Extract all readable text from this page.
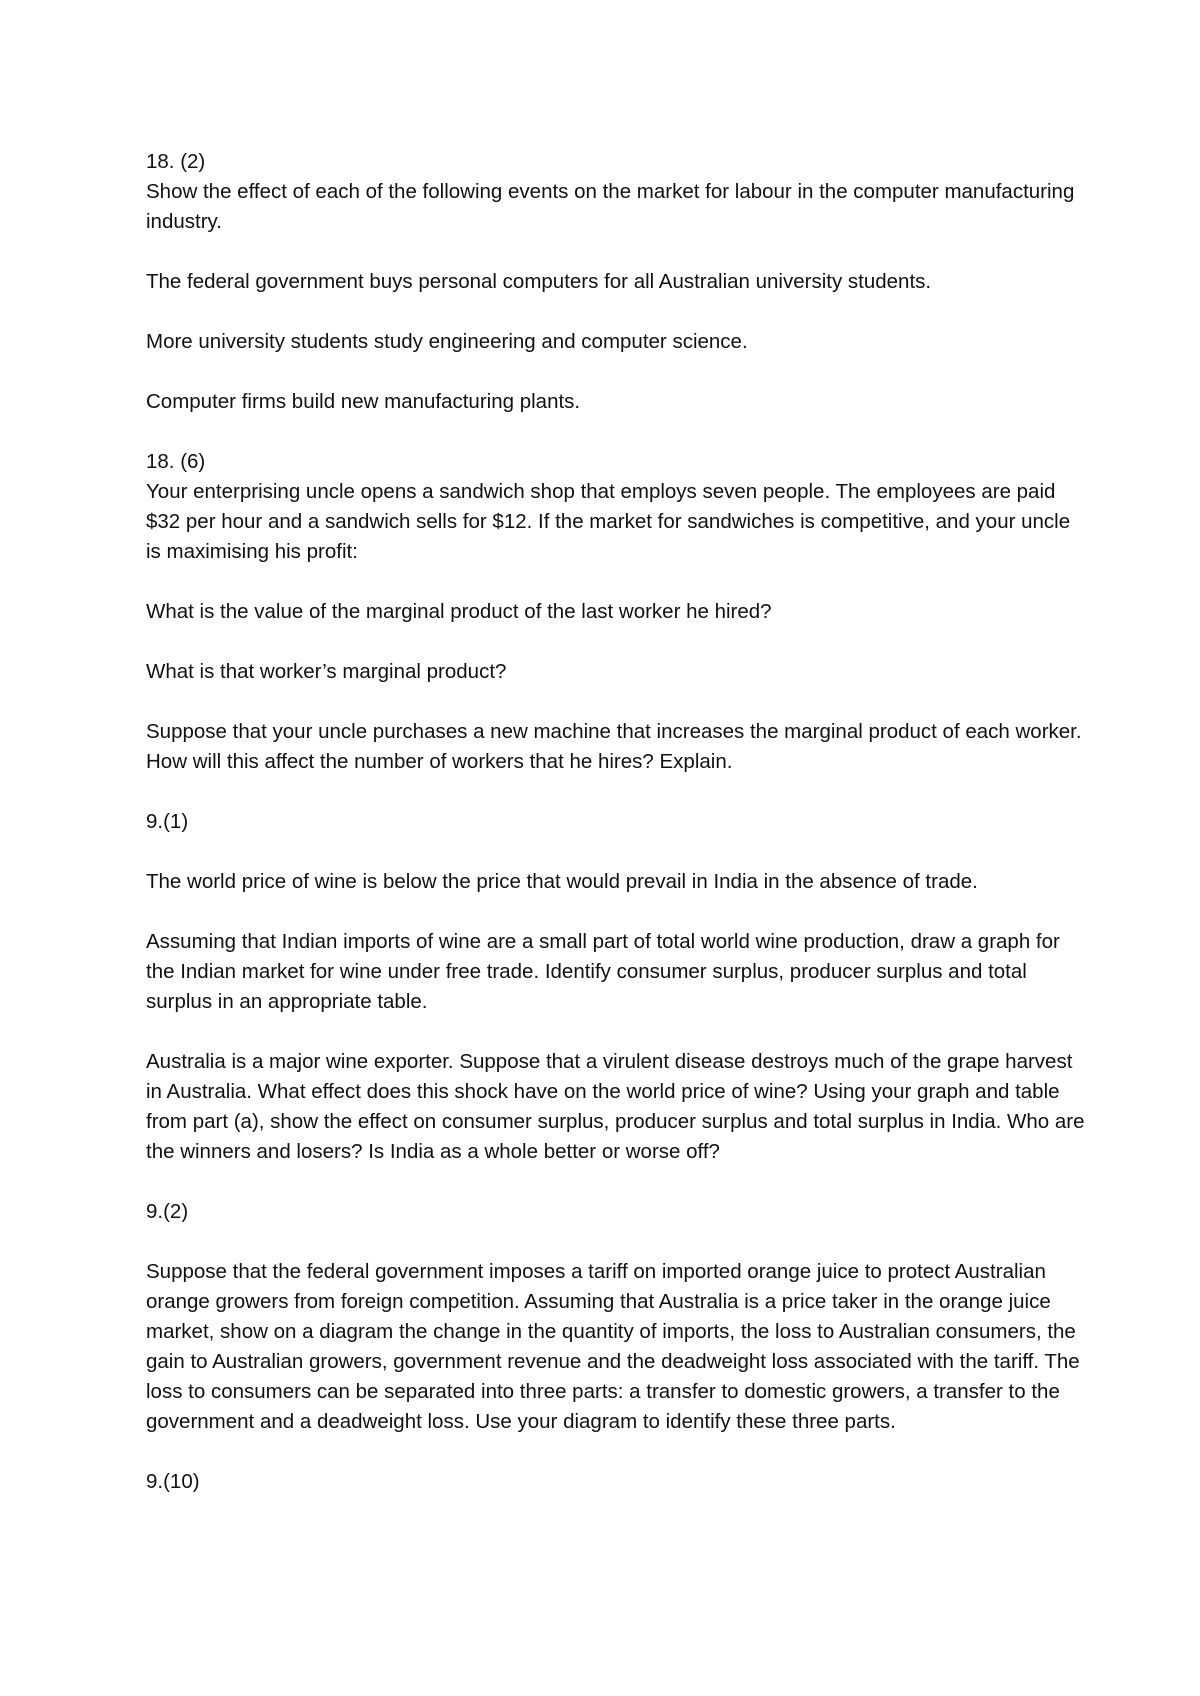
18. (2)

Show the effect of each of the following events on the market for labour in the computer manufacturing industry.

The federal government buys personal computers for all Australian university students.

More university students study engineering and computer science.

Computer firms build new manufacturing plants.

18. (6)

Your enterprising uncle opens a sandwich shop that employs seven people. The employees are paid $32 per hour and a sandwich sells for $12. If the market for sandwiches is competitive, and your uncle is maximising his profit:

What is the value of the marginal product of the last worker he hired?

What is that worker’s marginal product?

Suppose that your uncle purchases a new machine that increases the marginal product of each worker. How will this affect the number of workers that he hires? Explain.

9.(1)

The world price of wine is below the price that would prevail in India in the absence of trade.

Assuming that Indian imports of wine are a small part of total world wine production, draw a graph for the Indian market for wine under free trade. Identify consumer surplus, producer surplus and total surplus in an appropriate table.

Australia is a major wine exporter. Suppose that a virulent disease destroys much of the grape harvest in Australia. What effect does this shock have on the world price of wine? Using your graph and table from part (a), show the effect on consumer surplus, producer surplus and total surplus in India. Who are the winners and losers? Is India as a whole better or worse off?

9.(2)

Suppose that the federal government imposes a tariff on imported orange juice to protect Australian orange growers from foreign competition. Assuming that Australia is a price taker in the orange juice market, show on a diagram the change in the quantity of imports, the loss to Australian consumers, the gain to Australian growers, government revenue and the deadweight loss associated with the tariff. The loss to consumers can be separated into three parts: a transfer to domestic growers, a transfer to the government and a deadweight loss. Use your diagram to identify these three parts.

9.(10)
